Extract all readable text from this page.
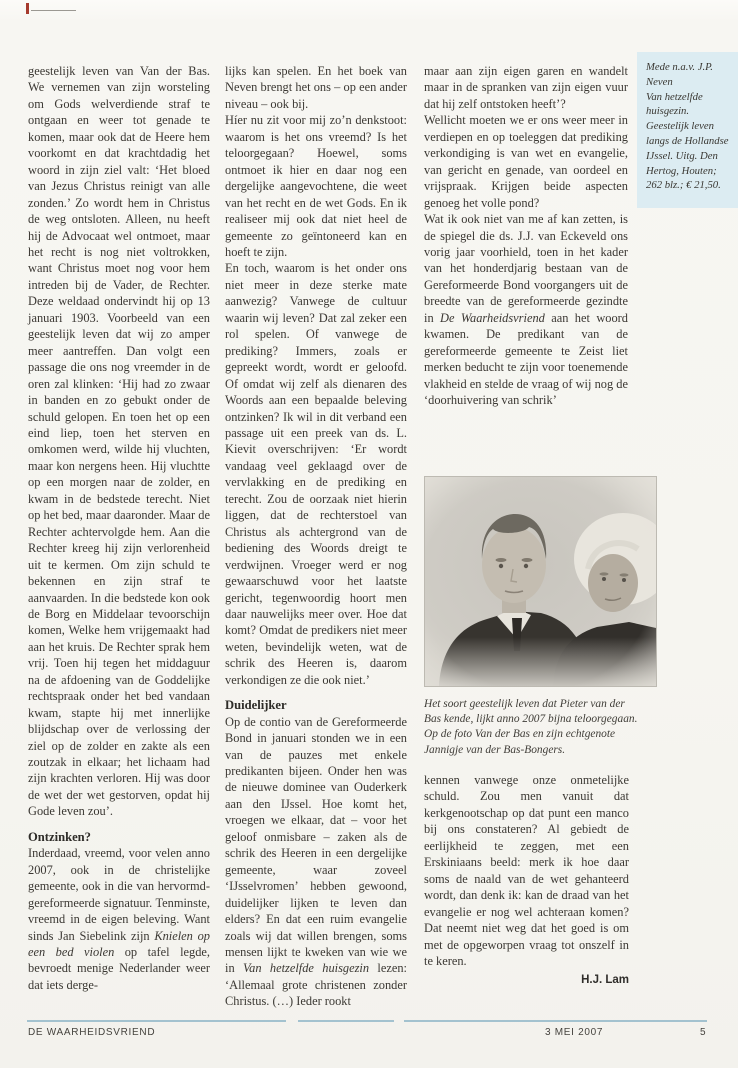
geestelijk leven van Van der Bas. We vernemen van zijn worsteling om Gods welverdiende straf te ontgaan en weer tot genade te komen, maar ook dat de Heere hem voorkomt en dat krachtdadig het woord in zijn ziel valt: ‘Het bloed van Jezus Christus reinigt van alle zonden.’ Zo wordt hem in Christus de weg ontsloten. Alleen, nu heeft hij de Advocaat wel ontmoet, maar het recht is nog niet voltrokken, want Christus moet nog voor hem intreden bij de Vader, de Rechter. Deze weldaad ondervindt hij op 13 januari 1903. Voorbeeld van een geestelijk leven dat wij zo amper meer aantreffen. Dan volgt een passage die ons nog vreemder in de oren zal klinken: ‘Hij had zo zwaar in banden en zo gebukt onder de schuld gelopen. En toen het op een eind liep, toen het sterven en omkomen werd, wilde hij vluchten, maar kon nergens heen. Hij vluchtte op een morgen naar de zolder, en kwam in de bedstede terecht. Niet op het bed, maar daaronder. Maar de Rechter achtervolgde hem. Aan die Rechter kreeg hij zijn verlorenheid uit te kermen. Om zijn schuld te bekennen en zijn straf te aanvaarden. In die bedstede kon ook de Borg en Middelaar tevoorschijn komen, Welke hem vrijgemaakt had aan het kruis. De Rechter sprak hem vrij. Toen hij tegen het middaguur na de afdoening van de Goddelijke rechtspraak onder het bed vandaan kwam, stapte hij met innerlijke blijdschap over de verlossing der ziel op de zolder en zakte als een zoutzak in elkaar; het lichaam had zijn krachten verloren. Hij was door de wet der wet gestorven, opdat hij Gode leven zou’.

Ontzinken?

Inderdaad, vreemd, voor velen anno 2007, ook in de christelijke gemeente, ook in die van hervormd-gereformeerde signatuur. Tenminste, vreemd in de eigen beleving. Want sinds Jan Siebelink zijn Knielen op een bed violen op tafel legde, bevroedt menige Nederlander weer dat iets derge-

lijks kan spelen. En het boek van Neven brengt het ons – op een ander niveau – ook bij.

Híer nu zit voor mij zo’n denkstoot: waarom is het ons vreemd? Is het teloorgegaan? Hoewel, soms ontmoet ik hier en daar nog een dergelijke aangevochtene, die weet van het recht en de wet Gods. En ik realiseer mij ook dat niet heel de gemeente zo geïntoneerd kan en hoeft te zijn.

En toch, waarom is het onder ons niet meer in deze sterke mate aanwezig? Vanwege de cultuur waarin wij leven? Dat zal zeker een rol spelen. Of vanwege de prediking? Immers, zoals er gepreekt wordt, wordt er geloofd. Of omdat wij zelf als dienaren des Woords aan een bepaalde beleving ontzinken? Ik wil in dit verband een passage uit een preek van ds. L. Kievit overschrijven: ‘Er wordt vandaag veel geklaagd over de vervlakking en de prediking en terecht. Zou de oorzaak niet hierin liggen, dat de rechterstoel van Christus als achtergrond van de bediening des Woords dreigt te verdwijnen. Vroeger werd er nog gewaarschuwd voor het laatste gericht, tegenwoordig hoort men daar nauwelijks meer over. Hoe dat komt? Omdat de predikers niet meer weten, bevindelijk weten, wat de schrik des Heeren is, daarom verkondigen ze die ook niet.’

Duidelijker

Op de contio van de Gereformeerde Bond in januari stonden we in een van de pauzes met enkele predikanten bijeen. Onder hen was de nieuwe dominee van Ouderkerk aan den IJssel. Hoe komt het, vroegen we elkaar, dat – voor het geloof onmisbare – zaken als de schrik des Heeren in een dergelijke gemeente, waar zoveel ‘IJsselvromen’ hebben gewoond, duidelijker lijken te leven dan elders? En dat een ruim evangelie zoals wij dat willen brengen, soms mensen lijkt te kweken van wie we in Van hetzelfde huisgezin lezen: ‘Allemaal grote christenen zonder Christus. (…) Ieder rookt

maar aan zijn eigen garen en wandelt maar in de spranken van zijn eigen vuur dat hij zelf ontstoken heeft’?

Wellicht moeten we er ons weer meer in verdiepen en op toeleggen dat prediking verkondiging is van wet en evangelie, van gericht en genade, van oordeel en vrijspraak. Krijgen beide aspecten genoeg het volle pond?

Wat ik ook niet van me af kan zetten, is de spiegel die ds. J.J. van Eckeveld ons vorig jaar voorhield, toen in het kader van het honderdjarig bestaan van de Gereformeerde Bond voorgangers uit de breedte van de gereformeerde gezindte in De Waarheidsvriend aan het woord kwamen. De predikant van de gereformeerde gemeente te Zeist liet merken beducht te zijn voor toenemende vlakheid en stelde de vraag of wij nog de ‘doorhuivering van schrik’

Het soort geestelijk leven dat Pieter van der Bas kende, lijkt anno 2007 bijna teloorgegaan. Op de foto Van der Bas en zijn echtgenote Jannigje van der Bas-Bongers.

kennen vanwege onze onmetelijke schuld. Zou men vanuit dat kerkgenootschap op dat punt een manco bij ons constateren? Al gebiedt de eerlijkheid te zeggen, met een Erskiniaans beeld: merk ik hoe daar soms de naald van de wet gehanteerd wordt, dan denk ik: kan de draad van het evangelie er nog wel achteraan komen? Dat neemt niet weg dat het goed is om met de opgeworpen vraag tot onszelf in te keren.

H.J. Lam

Mede n.a.v. J.P. Neven

Van hetzelfde huisgezin. Geestelijk leven langs de Hollandse IJssel. Uitg. Den Hertog, Houten; 262 blz.; € 21,50.

DE WAARHEIDSVRIEND	3 MEI 2007	5
